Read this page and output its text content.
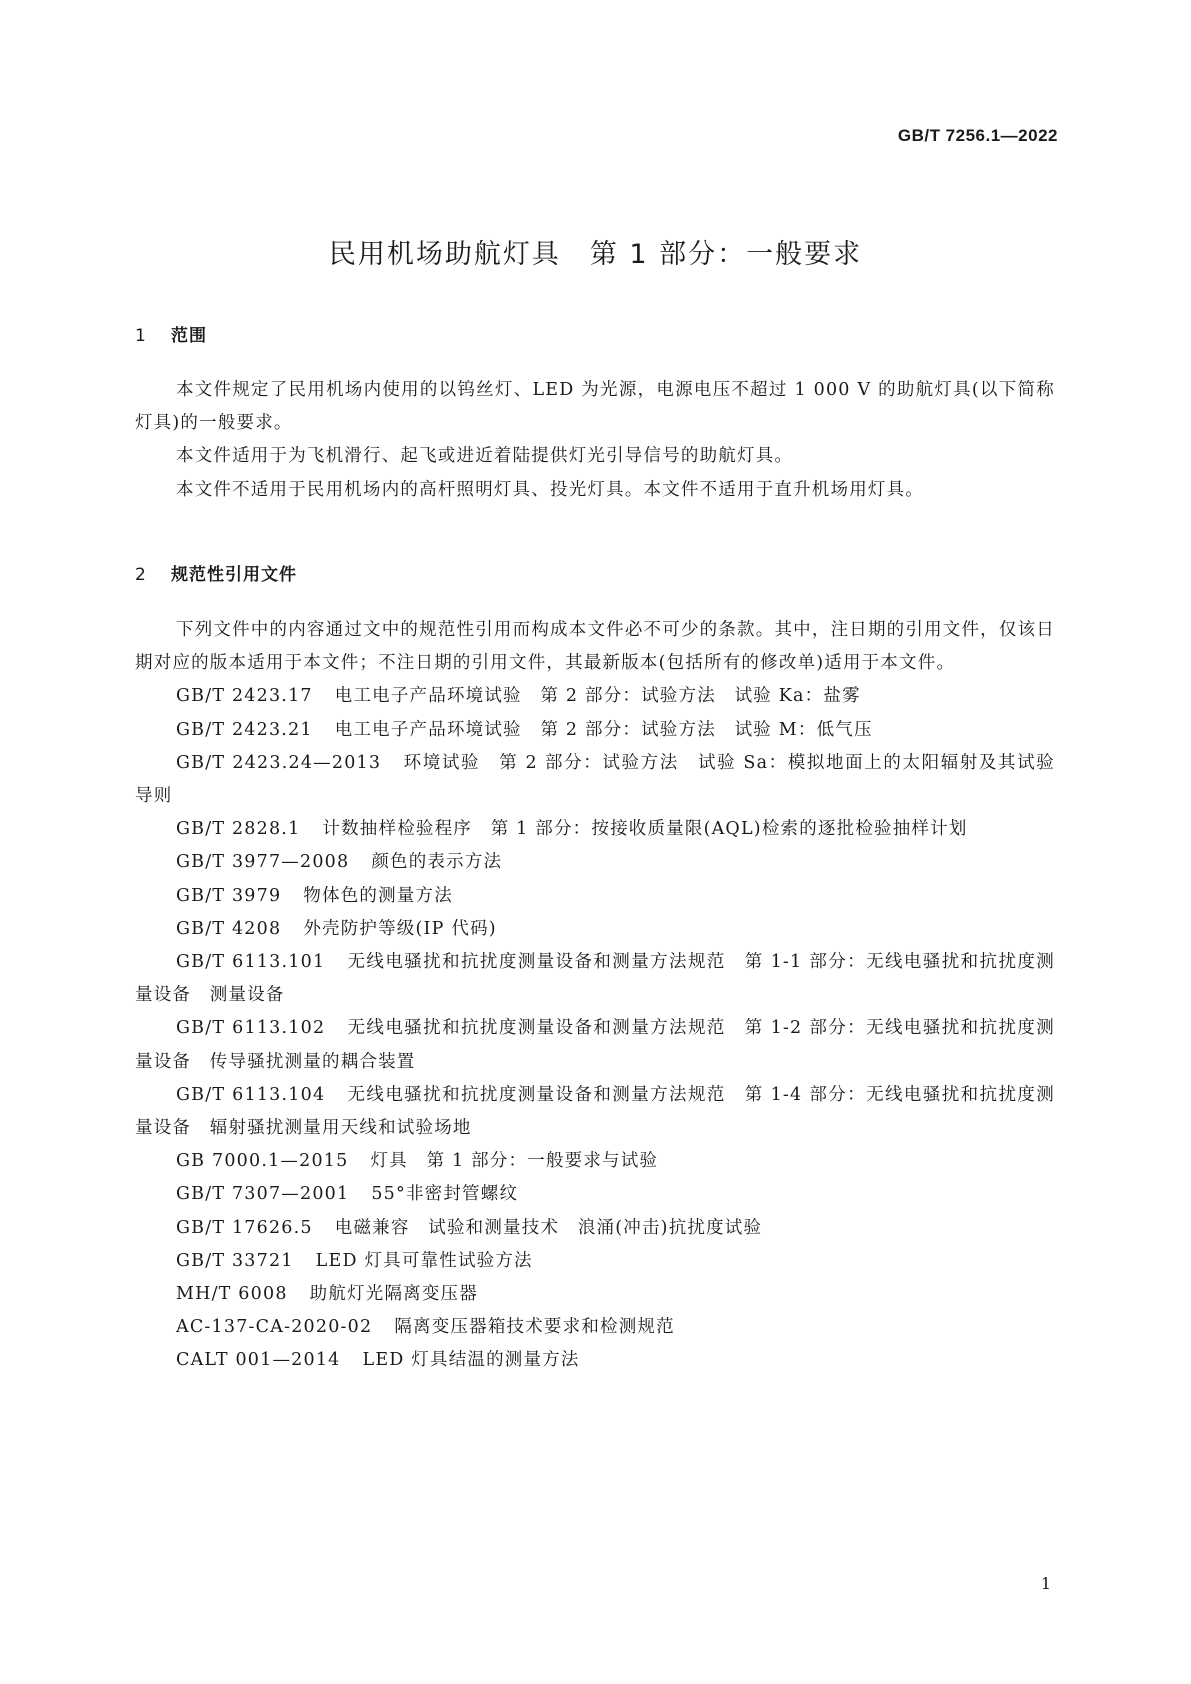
GB/T 7256.1—2022
民用机场助航灯具　第 1 部分：一般要求
1 范围

本文件规定了民用机场内使用的以钨丝灯、LED 为光源，电源电压不超过 1 000 V 的助航灯具(以下简称灯具)的一般要求。

本文件适用于为飞机滑行、起飞或进近着陆提供灯光引导信号的助航灯具。

本文件不适用于民用机场内的高杆照明灯具、投光灯具。本文件不适用于直升机场用灯具。

2 规范性引用文件

下列文件中的内容通过文中的规范性引用而构成本文件必不可少的条款。其中，注日期的引用文件，仅该日期对应的版本适用于本文件；不注日期的引用文件，其最新版本(包括所有的修改单)适用于本文件。

GB/T 2423.17 电工电子产品环境试验　第 2 部分：试验方法　试验 Ka：盐雾

GB/T 2423.21 电工电子产品环境试验　第 2 部分：试验方法　试验 M：低气压

GB/T 2423.24—2013 环境试验　第 2 部分：试验方法　试验 Sa：模拟地面上的太阳辐射及其试验导则

GB/T 2828.1 计数抽样检验程序　第 1 部分：按接收质量限(AQL)检索的逐批检验抽样计划

GB/T 3977—2008 颜色的表示方法

GB/T 3979 物体色的测量方法

GB/T 4208 外壳防护等级(IP 代码)

GB/T 6113.101 无线电骚扰和抗扰度测量设备和测量方法规范　第 1-1 部分：无线电骚扰和抗扰度测量设备　测量设备

GB/T 6113.102 无线电骚扰和抗扰度测量设备和测量方法规范　第 1-2 部分：无线电骚扰和抗扰度测量设备　传导骚扰测量的耦合装置

GB/T 6113.104 无线电骚扰和抗扰度测量设备和测量方法规范　第 1-4 部分：无线电骚扰和抗扰度测量设备　辐射骚扰测量用天线和试验场地

GB 7000.1—2015 灯具　第 1 部分：一般要求与试验

GB/T 7307—2001 55°非密封管螺纹

GB/T 17626.5 电磁兼容　试验和测量技术　浪涌(冲击)抗扰度试验

GB/T 33721 LED 灯具可靠性试验方法

MH/T 6008 助航灯光隔离变压器

AC-137-CA-2020-02 隔离变压器箱技术要求和检测规范

CALT 001—2014 LED 灯具结温的测量方法

1
